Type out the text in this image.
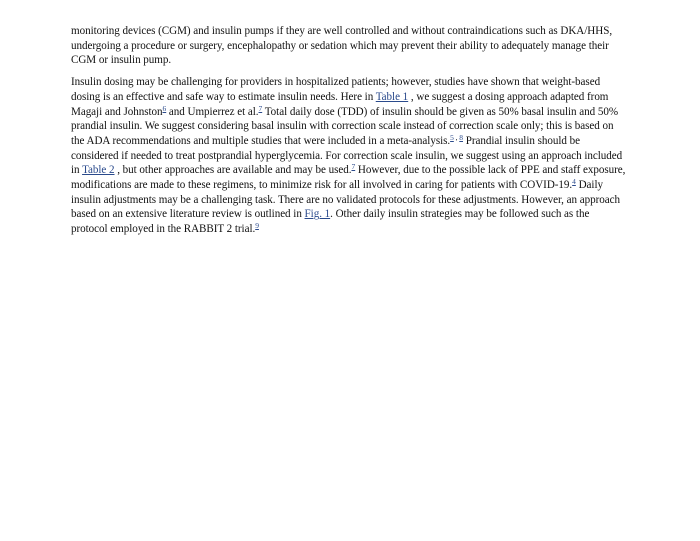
monitoring devices (CGM) and insulin pumps if they are well controlled and without contraindications such as DKA/HHS, undergoing a procedure or surgery, encephalopathy or sedation which may prevent their ability to adequately manage their CGM or insulin pump.

Insulin dosing may be challenging for providers in hospitalized patients; however, studies have shown that weight-based dosing is an effective and safe way to estimate insulin needs. Here in Table 1 , we suggest a dosing approach adapted from Magaji and Johnston$^6$ and Umpierrez et al.$^7$ Total daily dose (TDD) of insulin should be given as 50% basal insulin and 50% prandial insulin. We suggest considering basal insulin with correction scale instead of correction scale only; this is based on the ADA recommendations and multiple studies that were included in a meta-analysis.$^{5 , 8}$ Prandial insulin should be considered if needed to treat postprandial hyperglycemia. For correction scale insulin, we suggest using an approach included in Table 2 , but other approaches are available and may be used.$^7$ However, due to the possible lack of PPE and staff exposure, modifications are made to these regimens, to minimize risk for all involved in caring for patients with COVID-19.$^4$ Daily insulin adjustments may be a challenging task. There are no validated protocols for these adjustments. However, an approach based on an extensive literature review is outlined in Fig. 1. Other daily insulin strategies may be followed such as the protocol employed in the RABBIT 2 trial.$^9$
